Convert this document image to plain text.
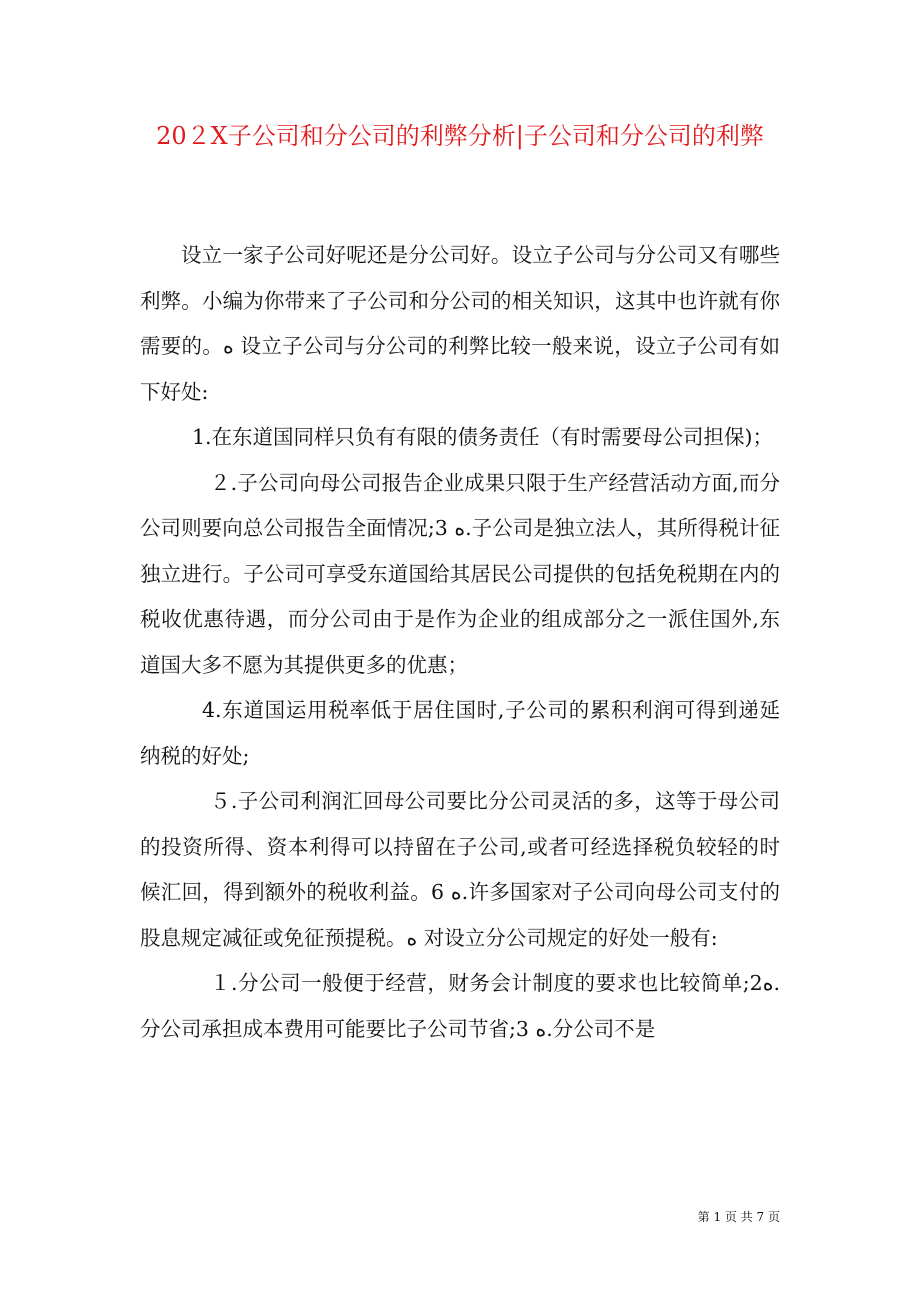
20２X子公司和分公司的利弊分析|子公司和分公司的利弊

设立一家子公司好呢还是分公司好。设立子公司与分公司又有哪些利弊。小编为你带来了子公司和分公司的相关知识，这其中也许就有你需要的。ﻩ 设立子公司与分公司的利弊比较一般来说，设立子公司有如下好处:

1.在东道国同样只负有有限的债务责任（有时需要母公司担保)；

２.子公司向母公司报告企业成果只限于生产经营活动方面,而分公司则要向总公司报告全面情况;3 ﻩ.子公司是独立法人，其所得税计征独立进行。子公司可享受东道国给其居民公司提供的包括免税期在内的税收优惠待遇，而分公司由于是作为企业的组成部分之一派住国外,东道国大多不愿为其提供更多的优惠；

4.东道国运用税率低于居住国时,子公司的累积利润可得到递延纳税的好处;

５.子公司利润汇回母公司要比分公司灵活的多，这等于母公司的投资所得、资本利得可以持留在子公司,或者可经选择税负较轻的时候汇回，得到额外的税收利益。6 ﻩ.许多国家对子公司向母公司支付的股息规定减征或免征预提税。ﻩ 对设立分公司规定的好处一般有:

１.分公司一般便于经营，财务会计制度的要求也比较简单;ﻩ2. 分公司承担成本费用可能要比子公司节省;3 ﻩ.分公司不是

第 1 页 共 7 页
